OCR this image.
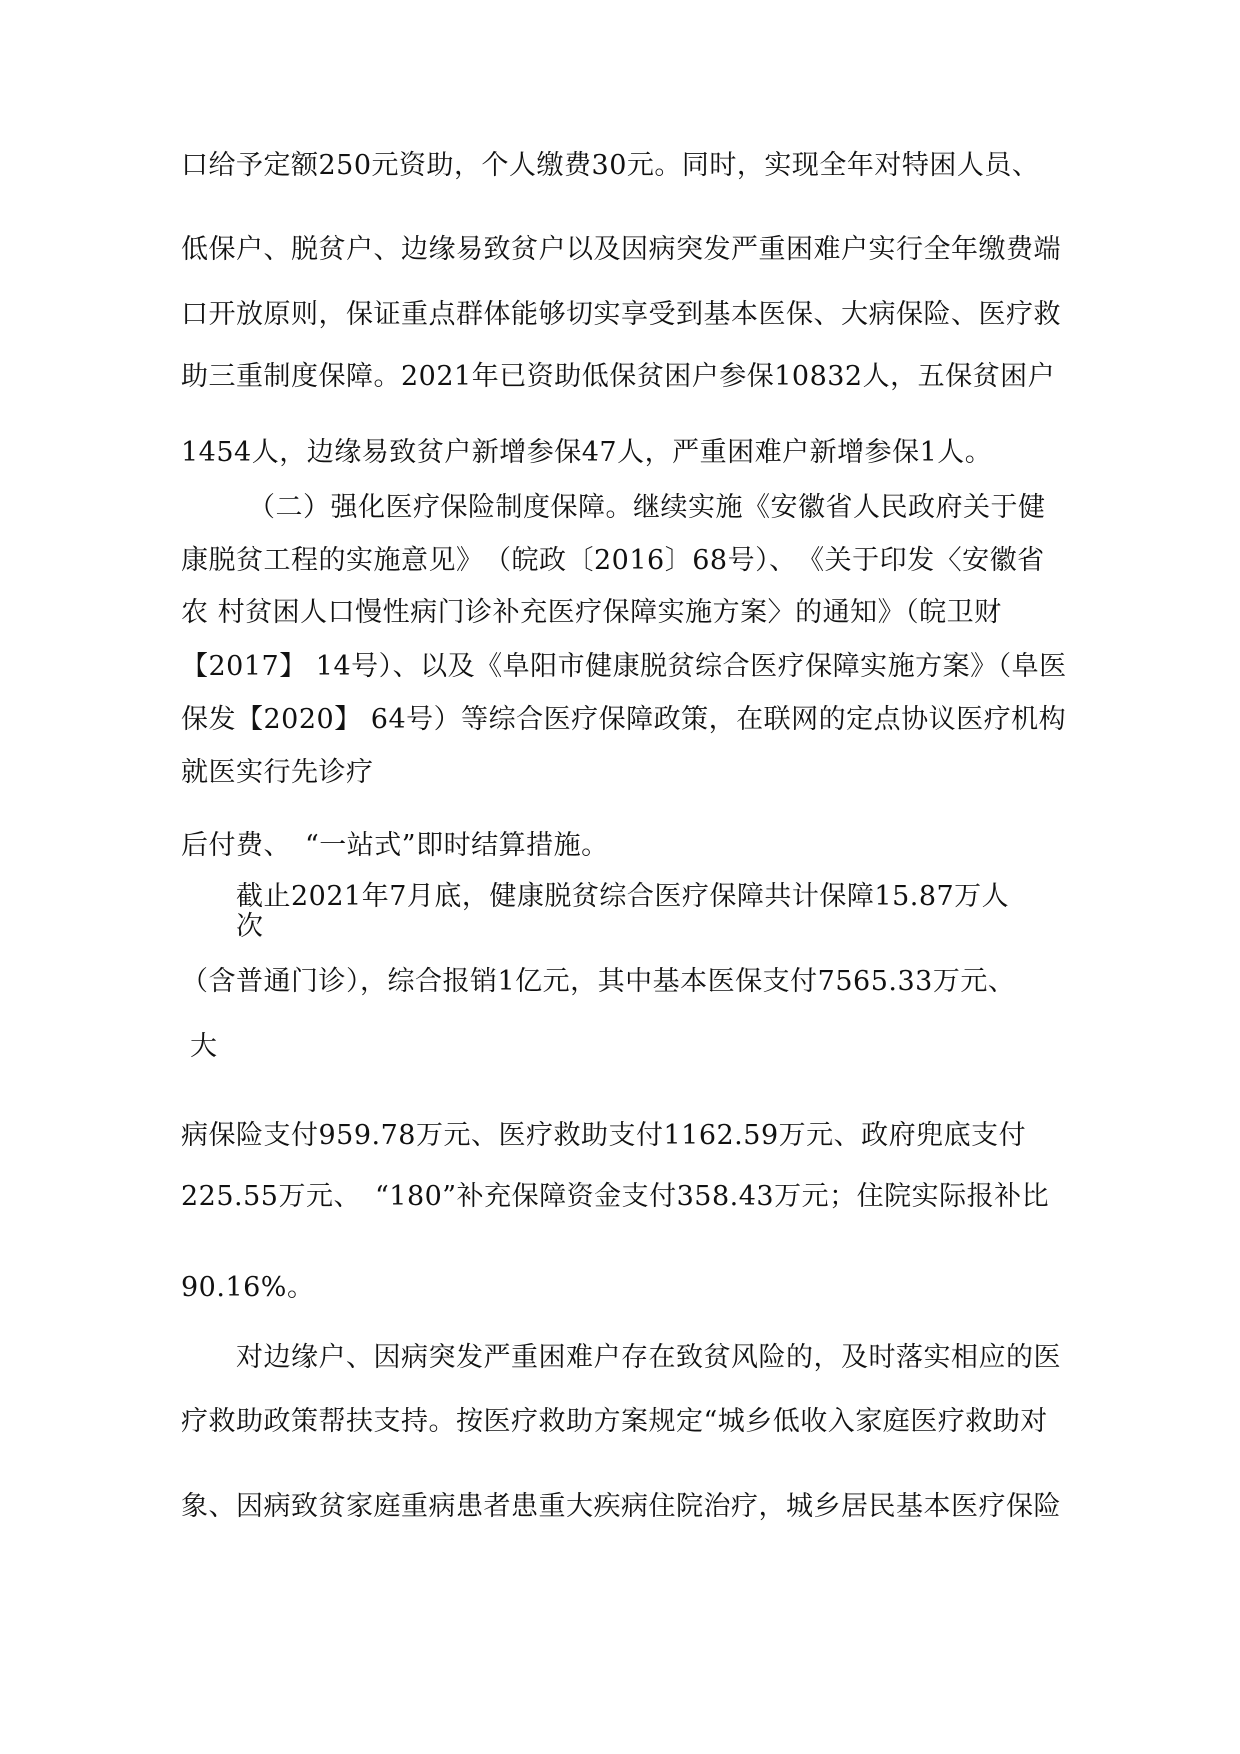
口给予定额250元资助，个人缴费30元。同时，实现全年对特困人员、
低保户、脱贫户、边缘易致贫户以及因病突发严重困难户实行全年缴费端
口开放原则，保证重点群体能够切实享受到基本医保、大病保险、医疗救
助三重制度保障。2021年已资助低保贫困户参保10832人，五保贫困户
1454人，边缘易致贫户新增参保47人，严重困难户新增参保1人。
（二）强化医疗保险制度保障。继续实施《安徽省人民政府关于健
康脱贫工程的实施意见》　（皖政〔2016〕68号）、　《关于印发〈安徽省
农 村贫困人口慢性病门诊补充医疗保障实施方案〉的通知》（皖卫财
【2017】 14号）、以及《阜阳市健康脱贫综合医疗保障实施方案》（阜医
保发【2020】 64号）等综合医疗保障政策，在联网的定点协议医疗机构
就医实行先诊疗
后付费、　“一站式”即时结算措施。
截止2021年7月底，健康脱贫综合医疗保障共计保障15.87万人
次
（含普通门诊），综合报销1亿元，其中基本医保支付7565.33万元、
大
病保险支付959.78万元、医疗救助支付1162.59万元、政府兜底支付
225.55万元、　“180”补充保障资金支付358.43万元；住院实际报补比
90.16%。
对边缘户、因病突发严重困难户存在致贫风险的，及时落实相应的医
疗救助政策帮扶支持。按医疗救助方案规定“城乡低收入家庭医疗救助对
象、因病致贫家庭重病患者患重大疾病住院治疗，城乡居民基本医疗保险
